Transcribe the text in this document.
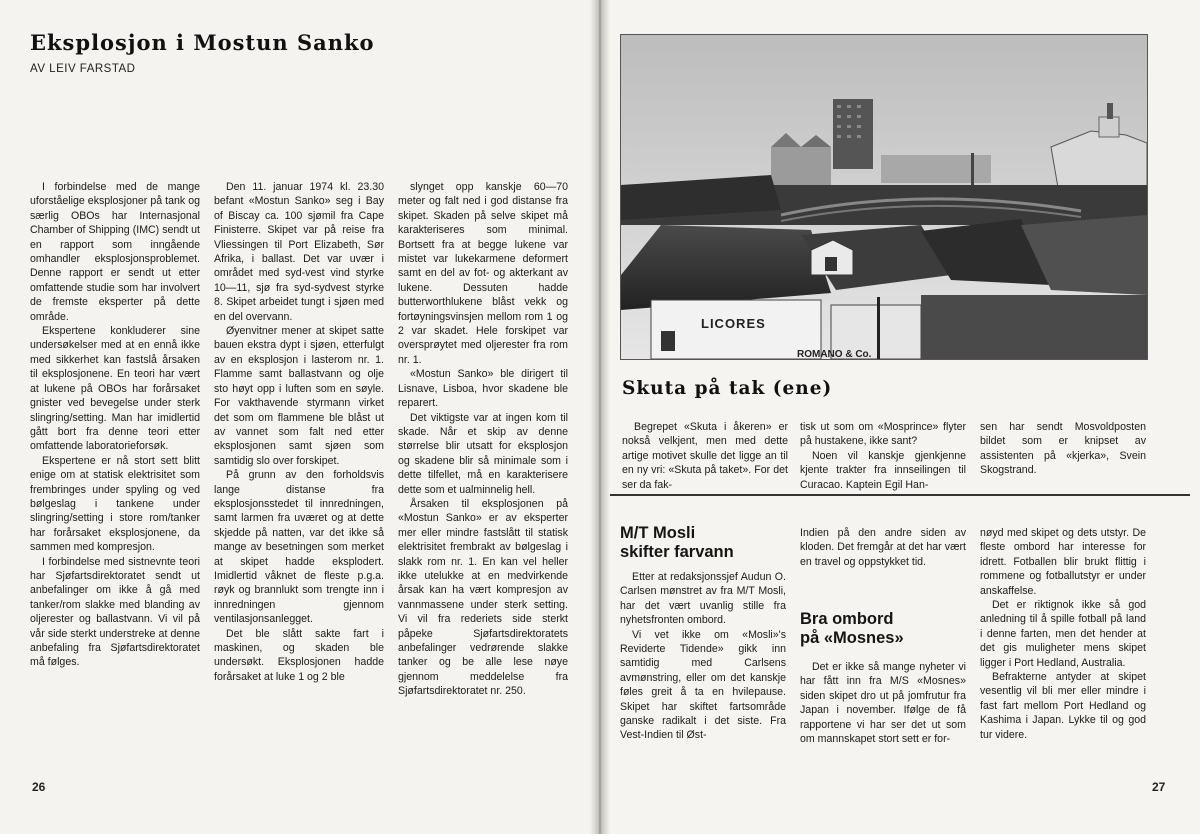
Eksplosjon i Mostun Sanko
AV LEIV FARSTAD

I forbindelse med de mange uforståelige eksplosjoner på tank og særlig OBOs har Internasjonal Chamber of Shipping (IMC) sendt ut en rapport som inngående omhandler eksplosjonsproblemet. Denne rapport er sendt ut etter omfattende studie som har involvert de fremste eksperter på dette område.

Ekspertene konkluderer sine undersøkelser med at en ennå ikke med sikkerhet kan fastslå årsaken til eksplosjonene. En teori har vært at lukene på OBOs har forårsaket gnister ved bevegelse under sterk slingring/setting. Man har imidlertid gått bort fra denne teori etter omfattende laboratorieforsøk.

Ekspertene er nå stort sett blitt enige om at statisk elektrisitet som frembringes under spyling og ved bølgeslag i tankene under slingring/setting i store rom/tanker har forårsaket eksplosjonene, da sammen med kompresjon.

I forbindelse med sistnevnte teori har Sjøfartsdirektoratet sendt ut anbefalinger om ikke å gå med tanker/rom slakke med blanding av oljerester og ballastvann. Vi vil på vår side sterkt understreke at denne anbefaling fra Sjøfartsdirektoratet må følges.

Den 11. januar 1974 kl. 23.30 befant «Mostun Sanko» seg i Bay of Biscay ca. 100 sjømil fra Cape Finisterre. Skipet var på reise fra Vliessingen til Port Elizabeth, Sør Afrika, i ballast. Det var uvær i området med syd-vest vind styrke 10—11, sjø fra syd-sydvest styrke 8. Skipet arbeidet tungt i sjøen med en del overvann.

Øyenvitner mener at skipet satte bauen ekstra dypt i sjøen, etterfulgt av en eksplosjon i lasterom nr. 1. Flamme samt ballastvann og olje sto høyt opp i luften som en søyle. For vakthavende styrmann virket det som om flammene ble blåst ut av vannet som falt ned etter eksplosjonen samt sjøen som samtidig slo over forskipet.

På grunn av den forholdsvis lange distanse fra eksplosjonsstedet til innredningen, samt larmen fra uværet og at dette skjedde på natten, var det ikke så mange av besetningen som merket at skipet hadde eksplodert. Imidlertid våknet de fleste p.g.a. røyk og brannlukt som trengte inn i innredningen gjennom ventilasjonsanlegget.

Det ble slått sakte fart i maskinen, og skaden ble undersøkt. Eksplosjonen hadde forårsaket at luke 1 og 2 ble

slynget opp kanskje 60—70 meter og falt ned i god distanse fra skipet. Skaden på selve skipet må karakteriseres som minimal. Bortsett fra at begge lukene var mistet var lukekarmene deformert samt en del av fot- og akterkant av lukene. Dessuten hadde butterworthlukene blåst vekk og fortøyningsvinsjen mellom rom 1 og 2 var skadet. Hele forskipet var oversprøytet med oljerester fra rom nr. 1.

«Mostun Sanko» ble dirigert til Lisnave, Lisboa, hvor skadene ble reparert.

Det viktigste var at ingen kom til skade. Når et skip av denne størrelse blir utsatt for eksplosjon og skadene blir så minimale som i dette tilfellet, må en karakterisere dette som et ualminnelig hell.

Årsaken til eksplosjonen på «Mostun Sanko» er av eksperter mer eller mindre fastslått til statisk elektrisitet frembrakt av bølgeslag i slakk rom nr. 1. En kan vel heller ikke utelukke at en medvirkende årsak kan ha vært kompresjon av vannmassene under sterk setting. Vi vil fra rederiets side sterkt påpeke Sjøfartsdirektoratets anbefalinger vedrørende slakke tanker og be alle lese nøye gjennom meddelelse fra Sjøfartsdirektoratet nr. 250.

26
LICORES
ROMANO & Co.
Skuta på tak (ene)

Begrepet «Skuta i åkeren» er nokså velkjent, men med dette artige motivet skulle det ligge an til en ny vri: «Skuta på taket». For det ser da fak-

tisk ut som om «Mosprince» flyter på hustakene, ikke sant?

Noen vil kanskje gjenkjenne kjente trakter fra innseilingen til Curacao. Kaptein Egil Han-

sen har sendt Mosvoldposten bildet som er knipset av assistenten på «kjerka», Svein Skogstrand.

M/T Mosli
skifter farvann

Etter at redaksjonssjef Audun O. Carlsen mønstret av fra M/T Mosli, har det vært uvanlig stille fra nyhetsfronten ombord.

Vi vet ikke om «Mosli»'s Reviderte Tidende» gikk inn samtidig med Carlsens avmønstring, eller om det kanskje føles greit å ta en hvilepause. Skipet har skiftet fartsområde ganske radikalt i det siste. Fra Vest-Indien til Øst-

Indien på den andre siden av kloden. Det fremgår at det har vært en travel og oppstykket tid.

Bra ombord
på «Mosnes»

Det er ikke så mange nyheter vi har fått inn fra M/S «Mosnes» siden skipet dro ut på jomfrutur fra Japan i november. Ifølge de få rapportene vi har ser det ut som om mannskapet stort sett er for-

nøyd med skipet og dets utstyr. De fleste ombord har interesse for idrett. Fotballen blir brukt flittig i rommene og fotballutstyr er under anskaffelse.

Det er riktignok ikke så god anledning til å spille fotball på land i denne farten, men det hender at det gis muligheter mens skipet ligger i Port Hedland, Australia.

Befrakterne antyder at skipet vesentlig vil bli mer eller mindre i fast fart mellom Port Hedland og Kashima i Japan. Lykke til og god tur videre.

27
